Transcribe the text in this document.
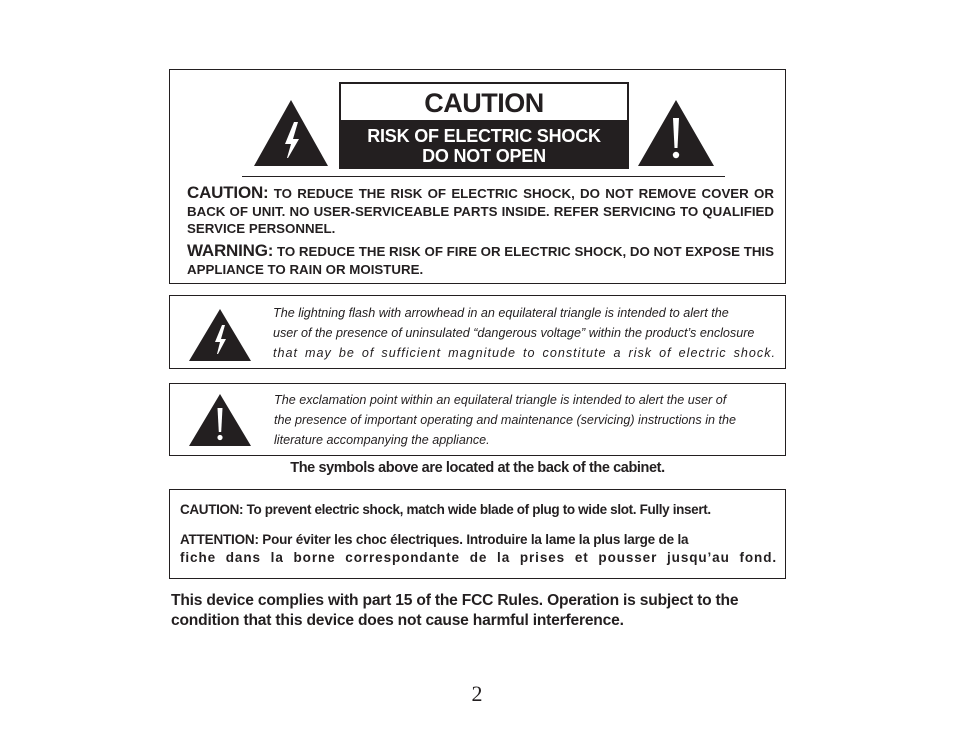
CAUTION
RISK OF ELECTRIC SHOCK
DO NOT OPEN
CAUTION: TO REDUCE THE RISK OF ELECTRIC SHOCK, DO NOT REMOVE COVER OR BACK OF UNIT. NO USER-SERVICEABLE PARTS INSIDE. REFER SERVICING TO QUALIFIED SERVICE PERSONNEL.
WARNING: TO REDUCE THE RISK OF FIRE OR ELECTRIC SHOCK, DO NOT EXPOSE THIS APPLIANCE TO RAIN OR MOISTURE.
The lightning flash with arrowhead in an equilateral triangle is intended to alert the
user of the presence of uninsulated “dangerous voltage” within the product’s enclosure
that may be of sufficient magnitude to constitute a risk of electric shock.
The exclamation point within an equilateral triangle is intended to alert the user of
the presence of important operating and maintenance (servicing) instructions in the
literature accompanying the appliance.
The symbols above are located at the back of the cabinet.
CAUTION: To prevent electric shock, match wide blade of plug to wide slot. Fully insert.
ATTENTION: Pour éviter les choc électriques. Introduire la lame la plus large de la
fiche dans la borne correspondante de la prises et pousser jusqu’au fond.
This device complies with part 15 of the FCC Rules. Operation is subject to the
condition that this device does not cause harmful interference.
2
